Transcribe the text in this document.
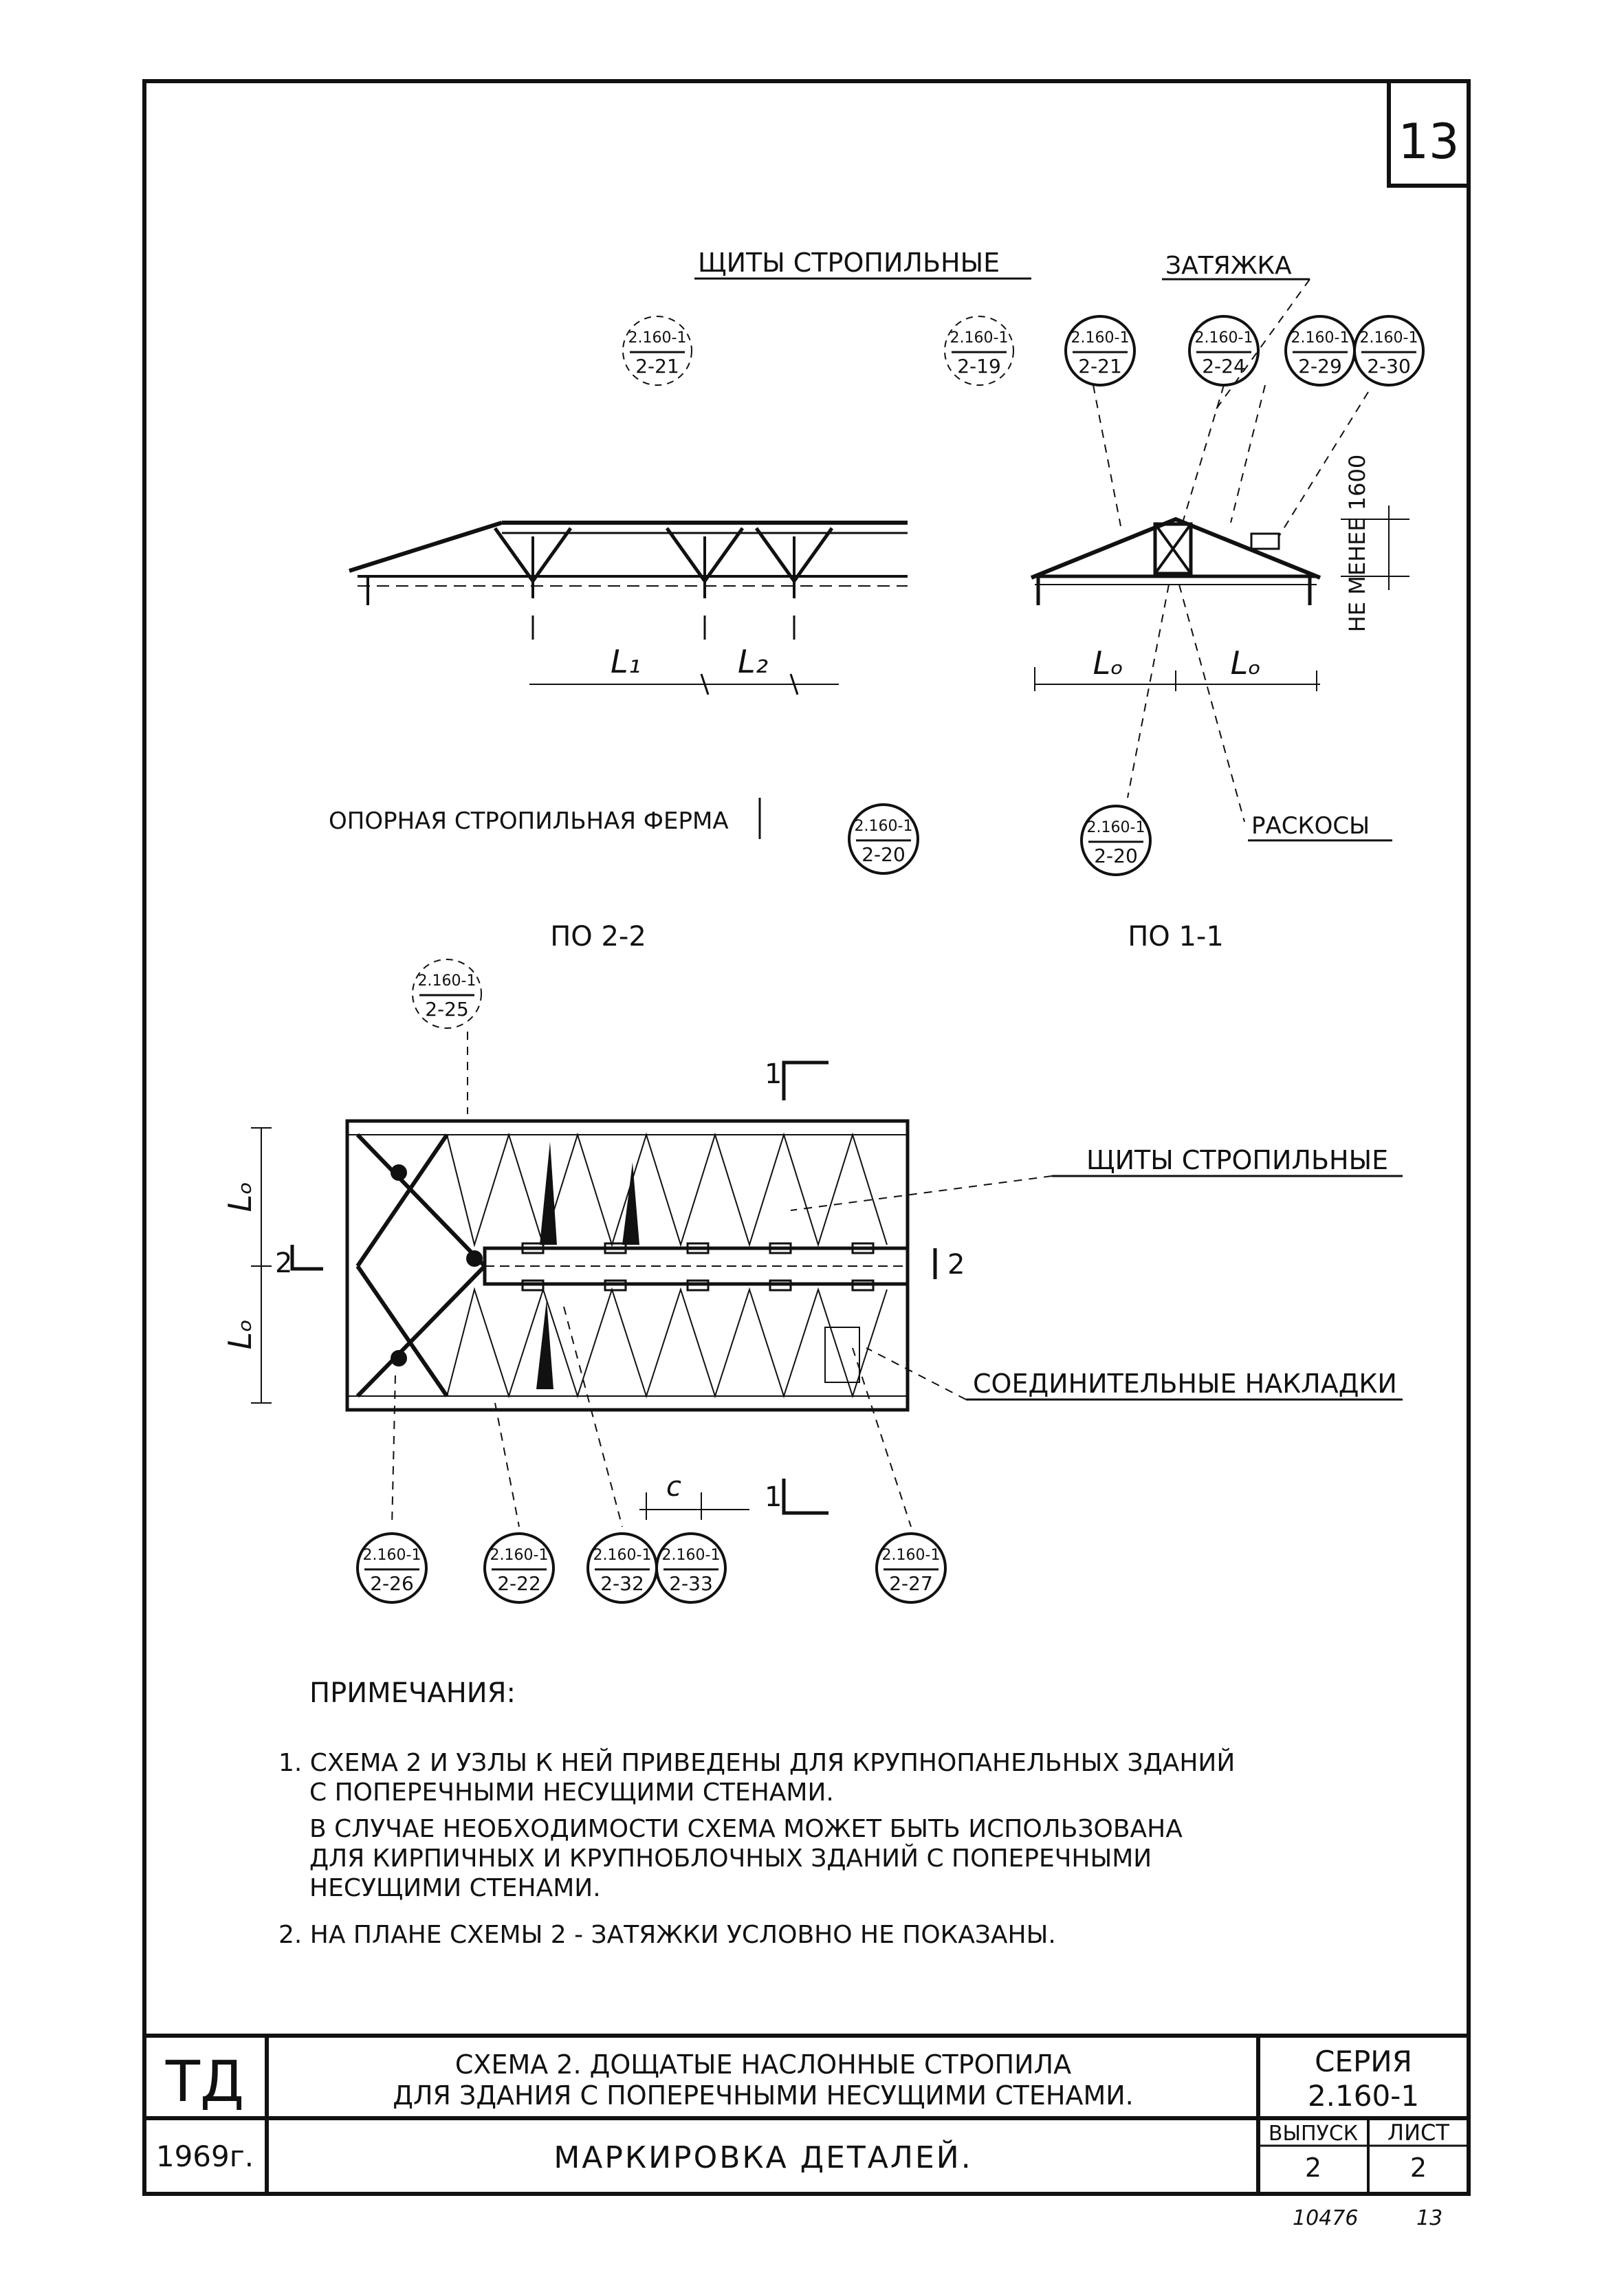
13
L₁	L₂	Lₒ	Lₒ
НЕ МЕНЕЕ 1600
ЩИТЫ СТРОПИЛЬНЫЕ	ЗАТЯЖКА
ОПОРНАЯ СТРОПИЛЬНАЯ ФЕРМА	РАСКОСЫ
ПО 2-2	ПО 1-1
Lₒ
Lₒ
1
1
2	2
c
ЩИТЫ СТРОПИЛЬНЫЕ
СОЕДИНИТЕЛЬНЫЕ НАКЛАДКИ
2.160-1
2-21
2.160-1
2-19
2.160-1
2-21
2.160-1
2-24
2.160-1
2-29
2.160-1
2-30
2.160-1
2-20
2.160-1
2-20
2.160-1
2-25
2.160-1
2-26
2.160-1
2-22
2.160-1
2-32
2.160-1
2-33
2.160-1
2-27
ПРИМЕЧАНИЯ:
1. СХЕМА 2 И УЗЛЫ К НЕЙ ПРИВЕДЕНЫ ДЛЯ КРУПНОПАНЕЛЬНЫХ ЗДАНИЙ
С ПОПЕРЕЧНЫМИ НЕСУЩИМИ СТЕНАМИ.
В СЛУЧАЕ НЕОБХОДИМОСТИ СХЕМА МОЖЕТ БЫТЬ ИСПОЛЬЗОВАНА
ДЛЯ КИРПИЧНЫХ И КРУПНОБЛОЧНЫХ ЗДАНИЙ С ПОПЕРЕЧНЫМИ
НЕСУЩИМИ СТЕНАМИ.
2. НА ПЛАНЕ СХЕМЫ 2 - ЗАТЯЖКИ УСЛОВНО НЕ ПОКАЗАНЫ.
ТД
1969г.
СХЕМА 2. ДОЩАТЫЕ НАСЛОННЫЕ СТРОПИЛА
ДЛЯ ЗДАНИЯ С ПОПЕРЕЧНЫМИ НЕСУЩИМИ СТЕНАМИ.
МАРКИРОВКА ДЕТАЛЕЙ.
СЕРИЯ
2.160-1
ВЫПУСК
2
ЛИСТ
2
10476	13
